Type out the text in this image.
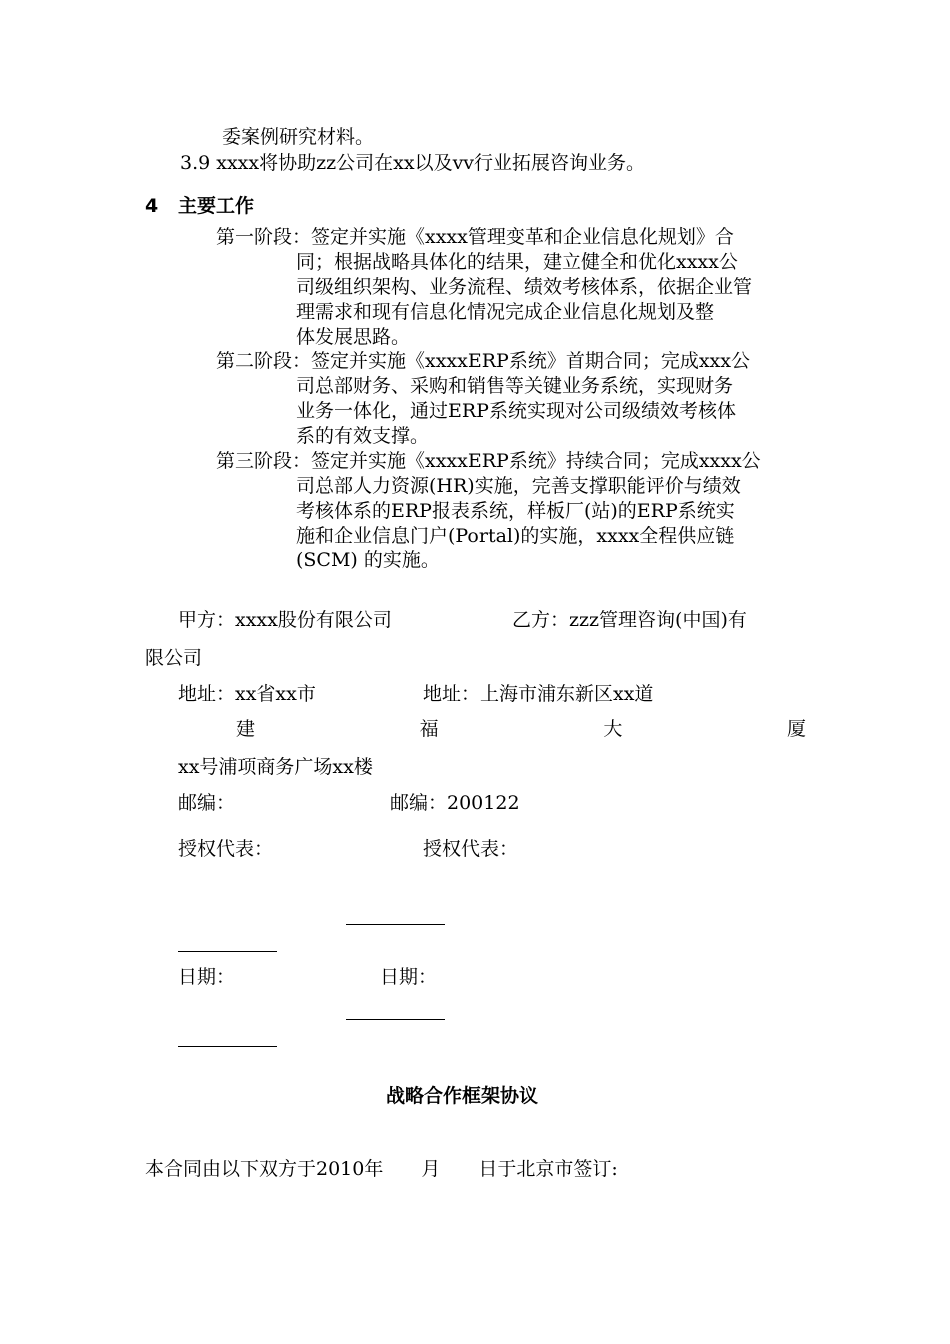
委案例研究材料。
3.9 xxxx将协助zz公司在xx以及vv行业拓展咨询业务。
4 主要工作
第一阶段：签定并实施《xxxx管理变革和企业信息化规划》合
同；根据战略具体化的结果，建立健全和优化xxxx公
司级组织架构、业务流程、绩效考核体系，依据企业管
理需求和现有信息化情况完成企业信息化规划及整
体发展思路。
第二阶段：签定并实施《xxxxERP系统》首期合同；完成xxx公
司总部财务、采购和销售等关键业务系统，实现财务
业务一体化，通过ERP系统实现对公司级绩效考核体
系的有效支撑。
第三阶段：签定并实施《xxxxERP系统》持续合同；完成xxxx公
司总部人力资源(HR)实施，完善支撑职能评价与绩效
考核体系的ERP报表系统，样板厂(站)的ERP系统实
施和企业信息门户(Portal)的实施，xxxx全程供应链
(SCM) 的实施。
甲方：xxxx股份有限公司	乙方：zzz管理咨询(中国)有
限公司
地址：xx省xx市	地址：上海市浦东新区xx道
建	福	大	厦
xx号浦项商务广场xx楼
邮编：	邮编：200122
授权代表：	授权代表：
日期：	日期：
战略合作框架协议
本合同由以下双方于2010年　　月　　日于北京市签订:
